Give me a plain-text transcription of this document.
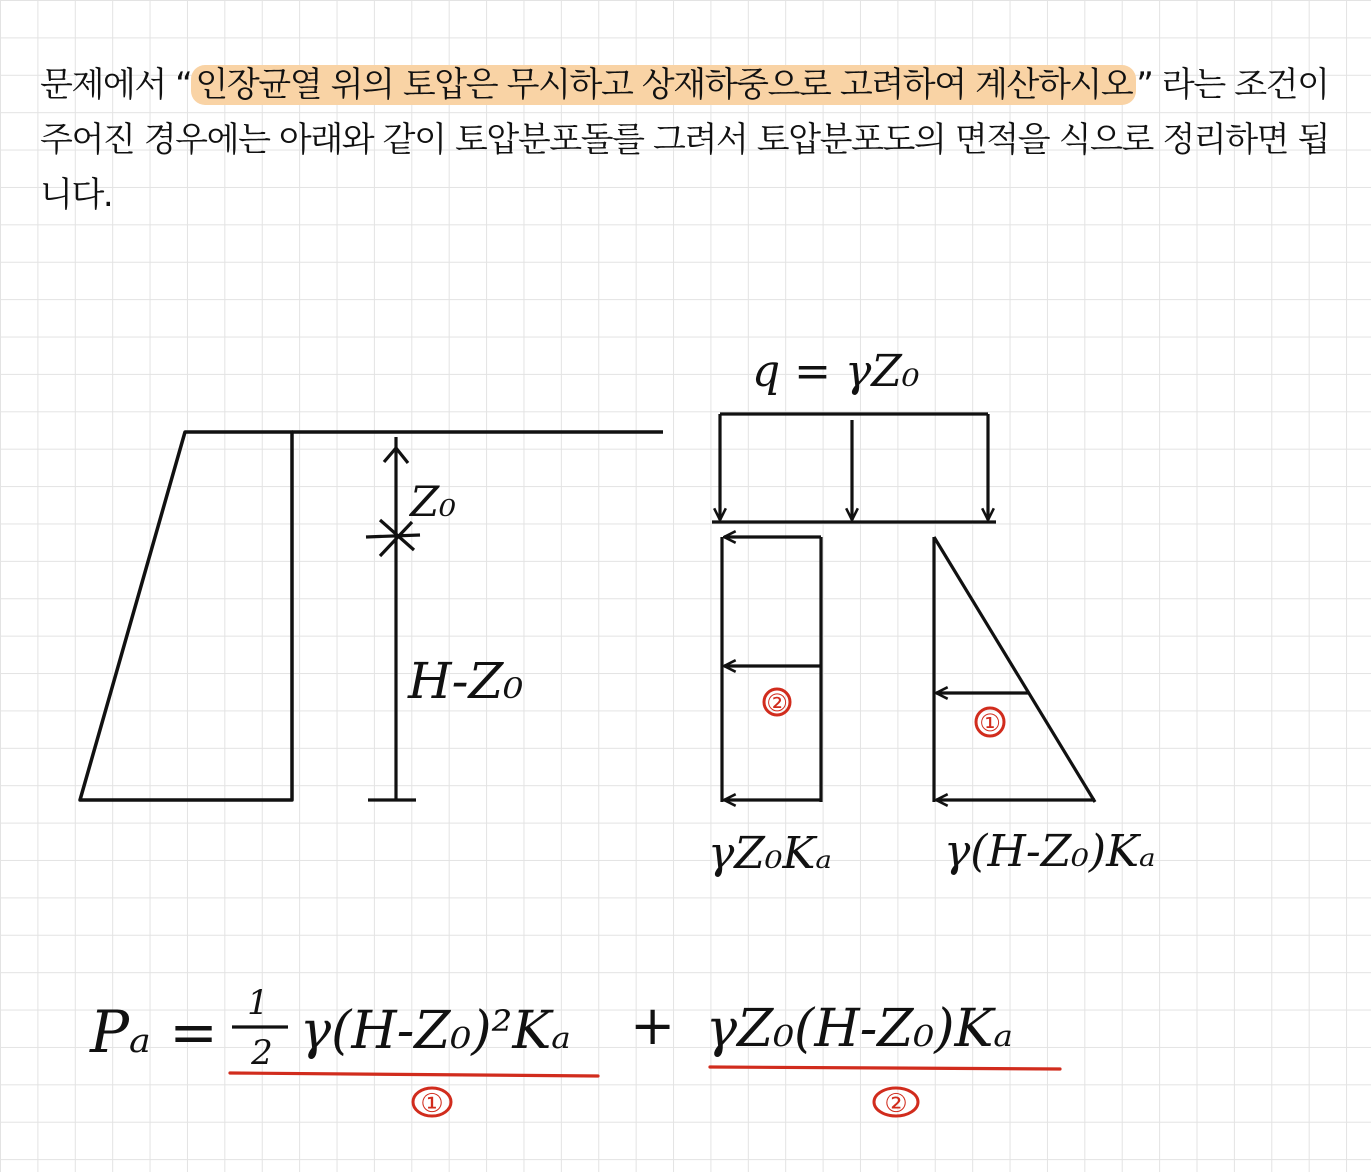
문제에서 “ 인장균열 위의 토압은 무시하고 상재하중으로 고려하여 계산하시오 ” 라는 조건이 주어진 경우에는 아래와 같이 토압분포돌를 그려서 토압분포도의 면적을 식으로 정리하면 됩니다.

Z₀
H-Z₀
q = γZ₀
②
γZ₀Kₐ
①
γ(H-Z₀)Kₐ
Pₐ = 1
2 γ(H-Z₀)²Kₐ + γZ₀(H-Z₀)Kₐ
①	②
